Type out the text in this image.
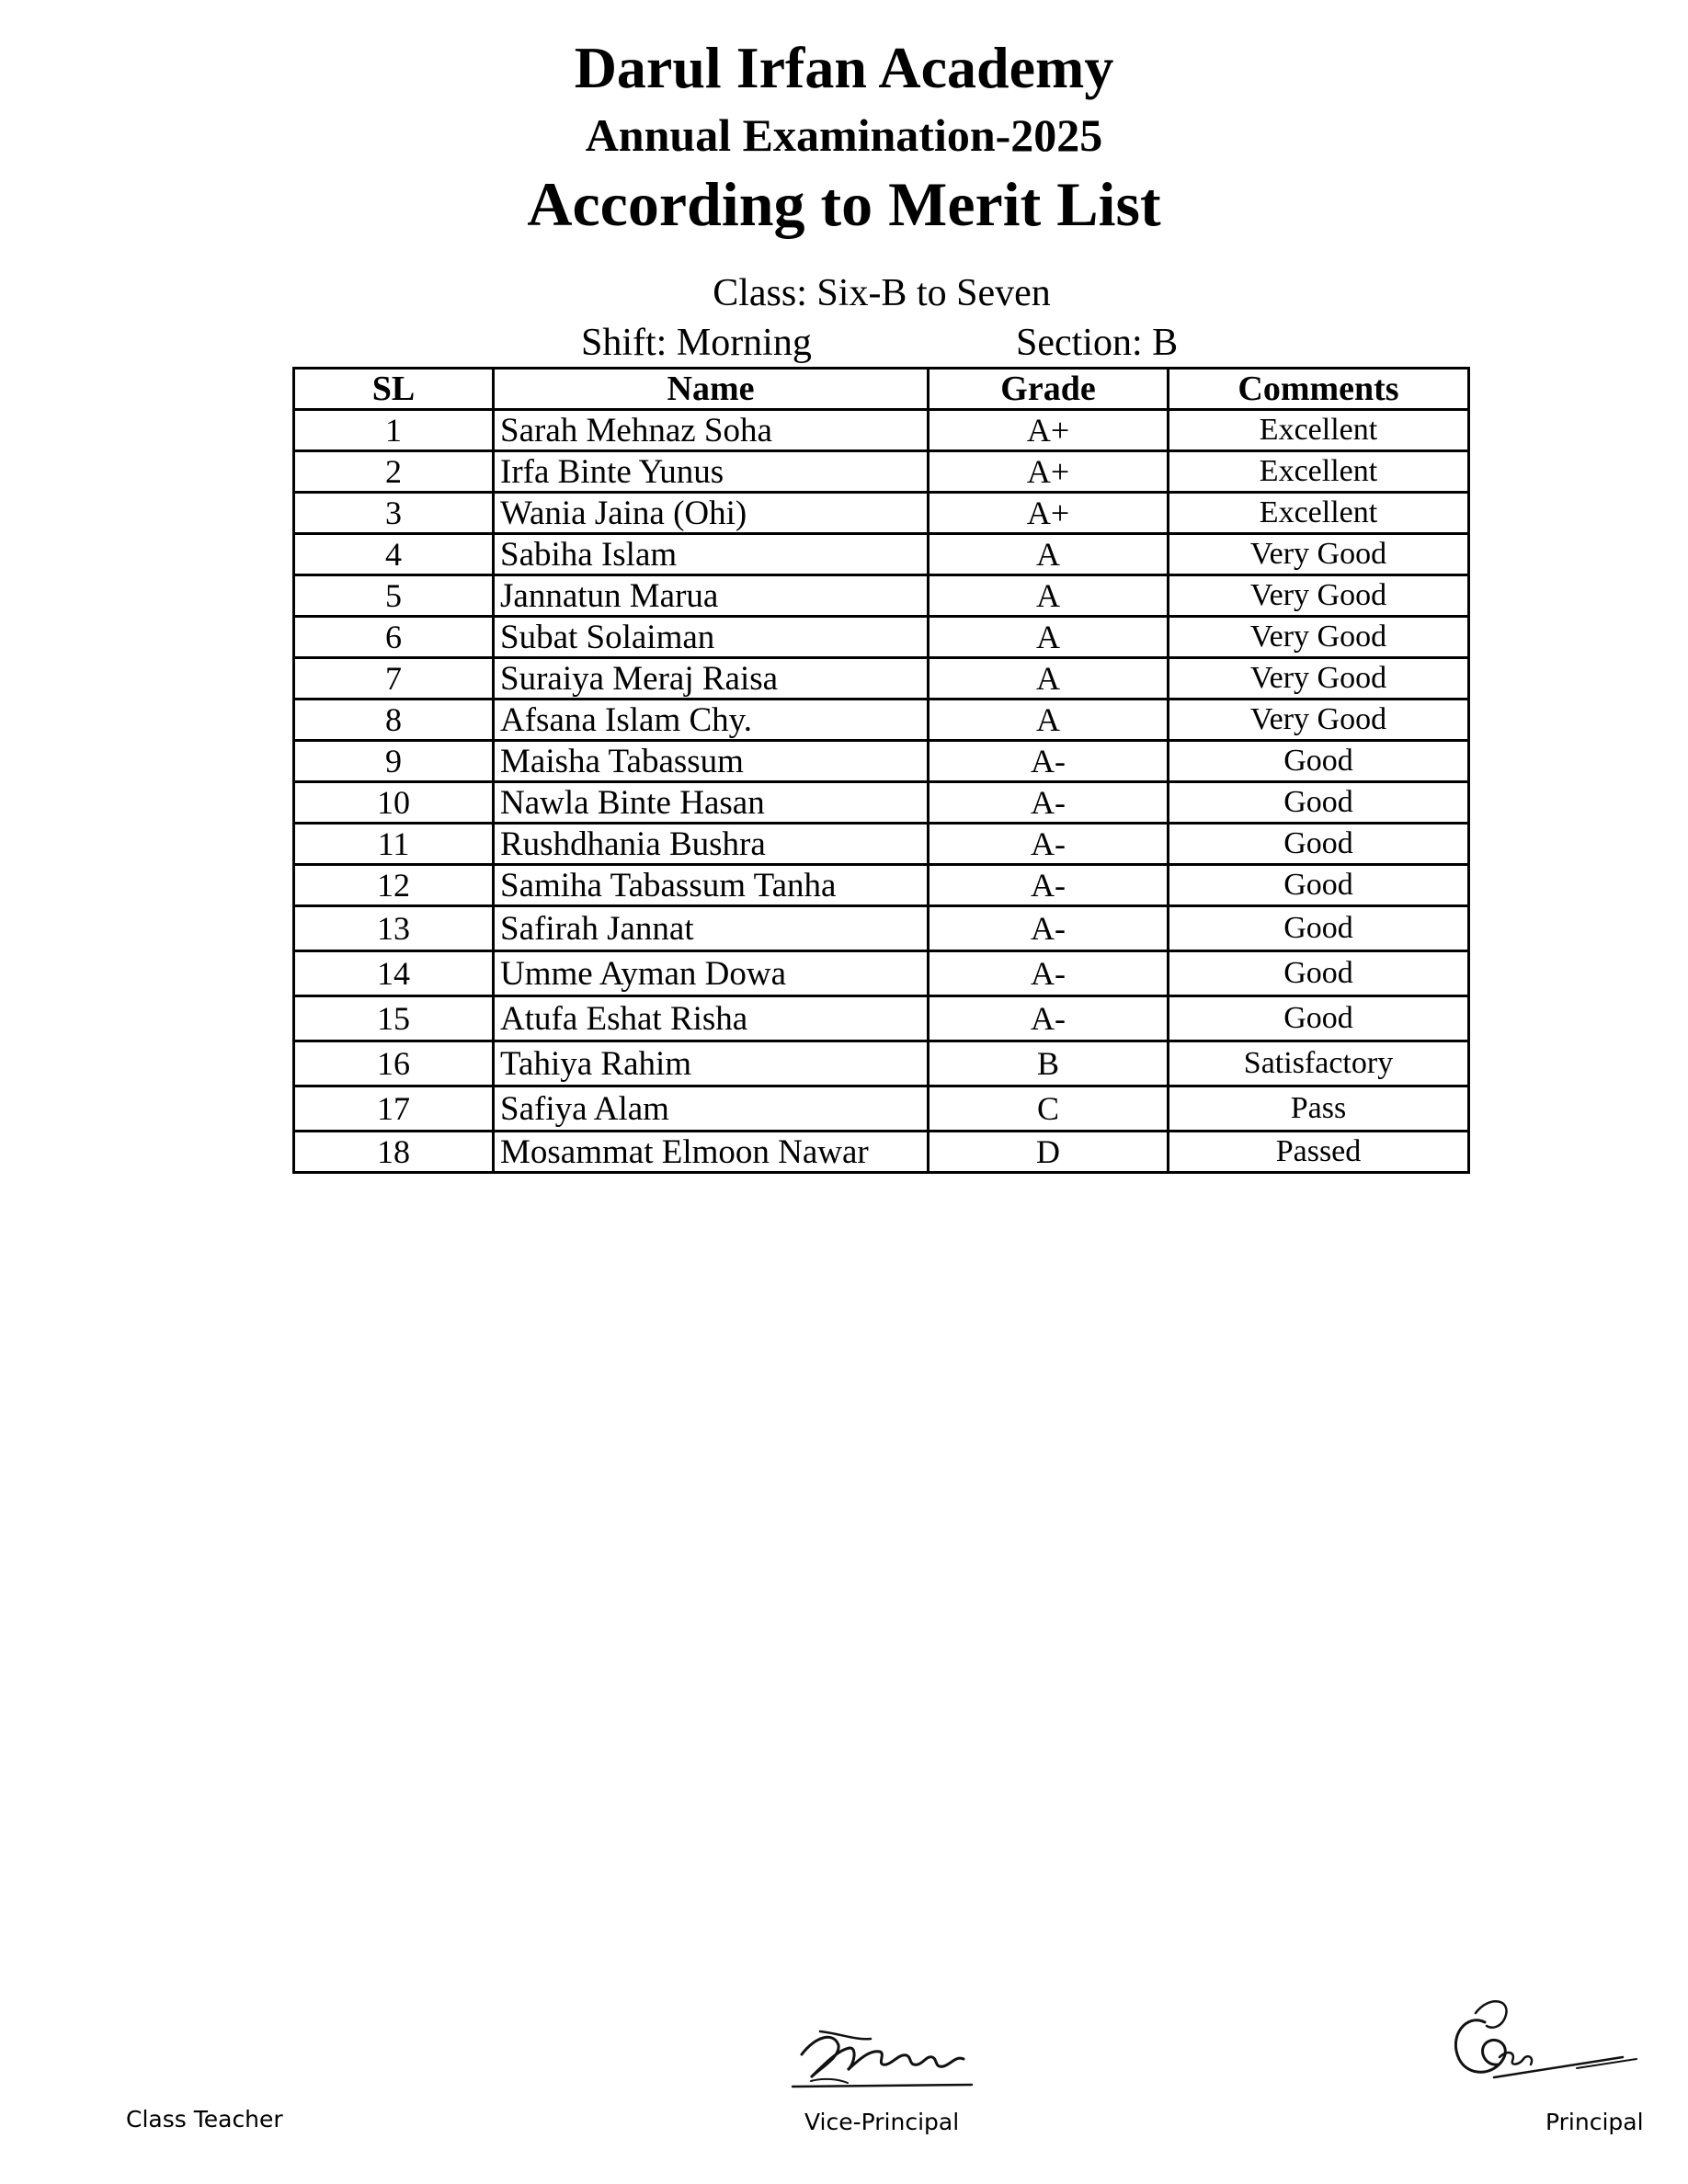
Darul Irfan Academy
Annual Examination-2025
According to Merit List
Class: Six-B to Seven
Shift: Morning	Section: B
SL	Name	Grade	Comments
1	Sarah Mehnaz Soha	A+	Excellent
2	Irfa Binte Yunus	A+	Excellent
3	Wania Jaina (Ohi)	A+	Excellent
4	Sabiha Islam	A	Very Good
5	Jannatun Marua	A	Very Good
6	Subat Solaiman	A	Very Good
7	Suraiya Meraj Raisa	A	Very Good
8	Afsana Islam Chy.	A	Very Good
9	Maisha Tabassum	A-	Good
10	Nawla Binte Hasan	A-	Good
11	Rushdhania Bushra	A-	Good
12	Samiha Tabassum Tanha	A-	Good
13	Safirah Jannat	A-	Good
14	Umme Ayman Dowa	A-	Good
15	Atufa Eshat Risha	A-	Good
16	Tahiya Rahim	B	Satisfactory
17	Safiya Alam	C	Pass
18	Mosammat Elmoon Nawar	D	Passed
Class Teacher	Vice-Principal	Principal
